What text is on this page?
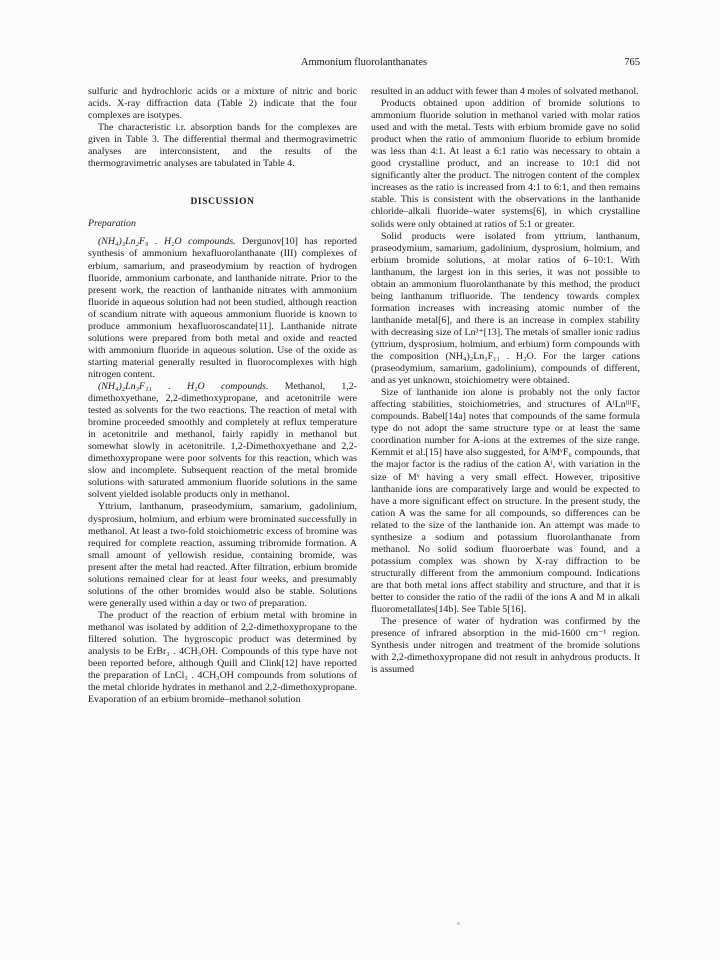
Ammonium fluorolanthanates	765

sulfuric and hydrochloric acids or a mixture of nitric and boric acids. X-ray diffraction data (Table 2) indicate that the four complexes are isotypes.

The characteristic i.r. absorption bands for the complexes are given in Table 3. The differential thermal and thermogravimetric analyses are interconsistent, and the results of the thermogravimetric analyses are tabulated in Table 4.

DISCUSSION
Preparation

(NH₄)₃Ln₂F₉ . H₂O compounds. Dergunov[10] has reported synthesis of ammonium hexafluorolanthanate (III) complexes of erbium, samarium, and praseodymium by reaction of hydrogen fluoride, ammonium carbonate, and lanthanide nitrate. Prior to the present work, the reaction of lanthanide nitrates with ammonium fluoride in aqueous solution had not been studied, although reaction of scandium nitrate with aqueous ammonium fluoride is known to produce ammonium hexafluoroscandate[11]. Lanthanide nitrate solutions were prepared from both metal and oxide and reacted with ammonium fluoride in aqueous solution. Use of the oxide as starting material generally resulted in fluorocomplexes with high nitrogen content.

(NH₄)₂Ln₃F₁₁ . H₂O compounds. Methanol, 1,2-dimethoxyethane, 2,2-dimethoxypropane, and acetonitrile were tested as solvents for the two reactions. The reaction of metal with bromine proceeded smoothly and completely at reflux temperature in acetonitrile and methanol, fairly rapidly in methanol but somewhat slowly in acetonitrile. 1,2-Dimethoxyethane and 2,2-dimethoxypropane were poor solvents for this reaction, which was slow and incomplete. Subsequent reaction of the metal bromide solutions with saturated ammonium fluoride solutions in the same solvent yielded isolable products only in methanol.

Yttrium, lanthanum, praseodymium, samarium, gadolinium, dysprosium, holmium, and erbium were brominated successfully in methanol. At least a two-fold stoichiometric excess of bromine was required for complete reaction, assuming tribromide formation. A small amount of yellowish residue, containing bromide, was present after the metal had reacted. After filtration, erbium bromide solutions remained clear for at least four weeks, and presumably solutions of the other bromides would also be stable. Solutions were generally used within a day or two of preparation.

The product of the reaction of erbium metal with bromine in methanol was isolated by addition of 2,2-dimethoxypropane to the filtered solution. The hygroscopic product was determined by analysis to be ErBr₃ . 4CH₃OH. Compounds of this type have not been reported before, although Quill and Clink[12] have reported the preparation of LnCl₃ . 4CH₃OH compounds from solutions of the metal chloride hydrates in methanol and 2,2-dimethoxypropane. Evaporation of an erbium bromide–methanol solution

resulted in an adduct with fewer than 4 moles of solvated methanol.

Products obtained upon addition of bromide solutions to ammonium fluoride solution in methanol varied with molar ratios used and with the metal. Tests with erbium bromide gave no solid product when the ratio of ammonium fluoride to erbium bromide was less than 4:1. At least a 6:1 ratio was necessary to obtain a good crystalline product, and an increase to 10:1 did not significantly alter the product. The nitrogen content of the complex increases as the ratio is increased from 4:1 to 6:1, and then remains stable. This is consistent with the observations in the lanthanide chloride–alkali fluoride–water systems[6], in which crystalline solids were only obtained at ratios of 5:1 or greater.

Solid products were isolated from yttrium, lanthanum, praseodymium, samarium, gadolinium, dysprosium, holmium, and erbium bromide solutions, at molar ratios of 6–10:1. With lanthanum, the largest ion in this series, it was not possible to obtain an ammonium fluorolanthanate by this method, the product being lanthanum trifluoride. The tendency towards complex formation increases with increasing atomic number of the lanthanide metal[6], and there is an increase in complex stability with decreasing size of Ln³⁺[13]. The metals of smaller ionic radius (yttrium, dysprosium, holmium, and erbium) form compounds with the composition (NH₄)₂Ln₃F₁₁ . H₂O. For the larger cations (praseodymium, samarium, gadolinium), compounds of different, and as yet unknown, stoichiometry were obtained.

Size of lanthanide ion alone is probably not the only factor affecting stabilities, stoichiometries, and structures of AᴵLnᴵᴵᴵFₓ compounds. Babel[14a] notes that compounds of the same formula type do not adopt the same structure type or at least the same coordination number for A-ions at the extremes of the size range. Kemmit et al.[15] have also suggested, for AᴵMᵛF₆ compounds, that the major factor is the radius of the cation Aᴵ, with variation in the size of Mᵛ having a very small effect. However, tripositive lanthanide ions are comparatively large and would be expected to have a more significant effect on structure. In the present study, the cation A was the same for all compounds, so differences can be related to the size of the lanthanide ion. An attempt was made to synthesize a sodium and potassium fluorolanthanate from methanol. No solid sodium fluoroerbate was found, and a potassium complex was shown by X-ray diffraction to be structurally different from the ammonium compound. Indications are that both metal ions affect stability and structure, and that it is better to consider the ratio of the radii of the ions A and M in alkali fluorometallates[14b]. See Table 5[16].

The presence of water of hydration was confirmed by the presence of infrared absorption in the mid-1600 cm⁻¹ region. Synthesis under nitrogen and treatment of the bromide solutions with 2,2-dimethoxypropane did not result in anhydrous products. It is assumed
